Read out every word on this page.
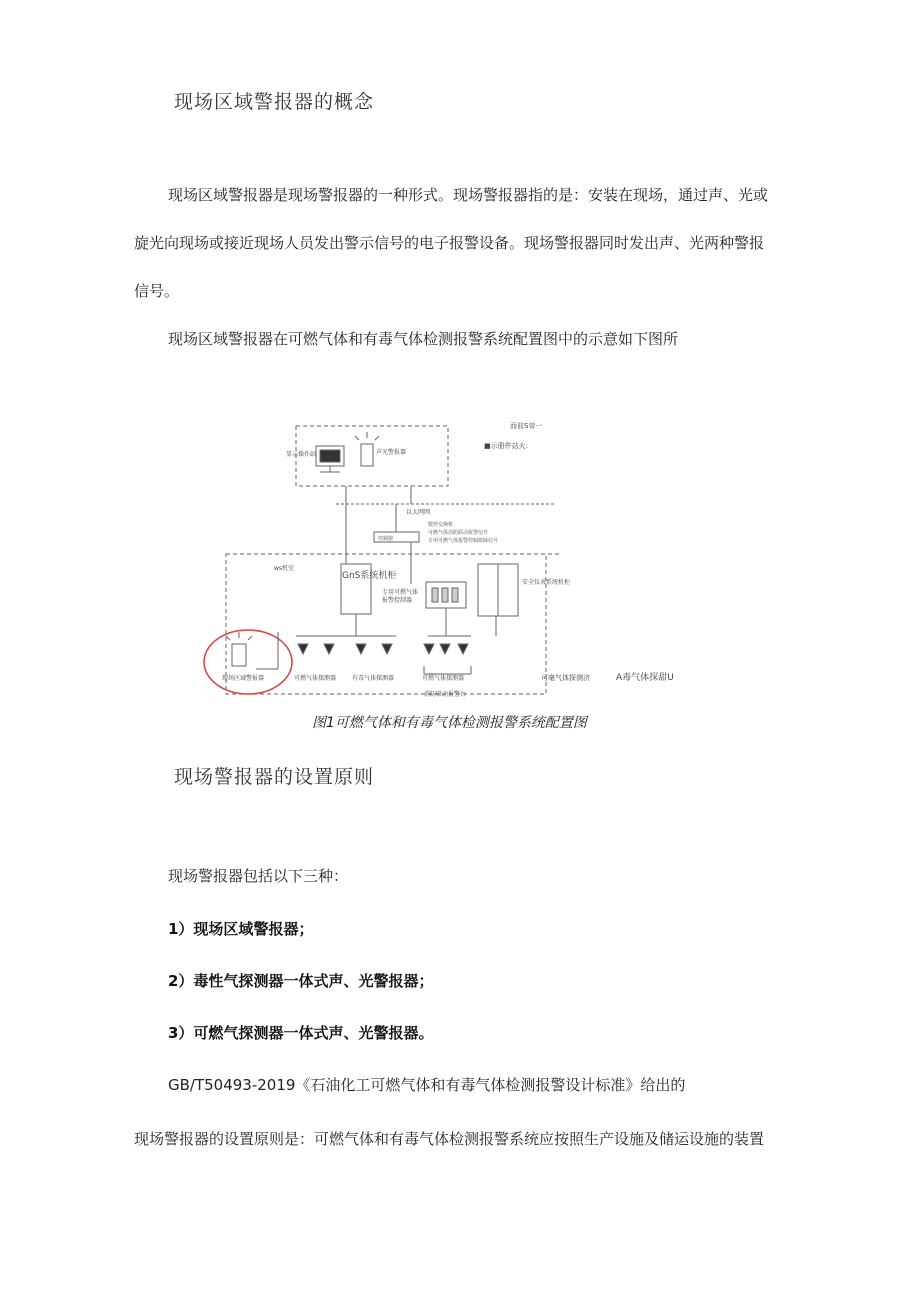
现场区域警报器的概念
现场区域警报器是现场警报器的一种形式。现场警报器指的是：安装在现场，通过声、光或
旋光向现场或接近现场人员发出警示信号的电子报警设备。现场警报器同时发出声、光两种警报
信号。
现场区域警报器在可燃气体和有毒气体检测报警系统配置图中的示意如下图所
显示操作站
CRT
声光警报器
而前S帝一
■示册件站火:
以太网网
控制器
数控交换机
可燃气体消防联动报警信号
专用可燃气体报警控制故障信号
ws机室
GnS系统机柜
专用可燃气体
报警控制器
安全仪表系统机柜
现场区域警报器	可燃气体探测器	有毒气体探测器	可燃气体探测器
消防联动报警台
可毫气体探测济	A毒气体探甜U
图1可燃气体和有毒气体检测报警系统配置图
现场警报器的设置原则
现场警报器包括以下三种：
1）现场区域警报器；
2）毒性气探测器一体式声、光警报器；
3）可燃气探测器一体式声、光警报器。
GB/T50493-2019《石油化工可燃气体和有毒气体检测报警设计标准》给出的
现场警报器的设置原则是：可燃气体和有毒气体检测报警系统应按照生产设施及储运设施的装置
